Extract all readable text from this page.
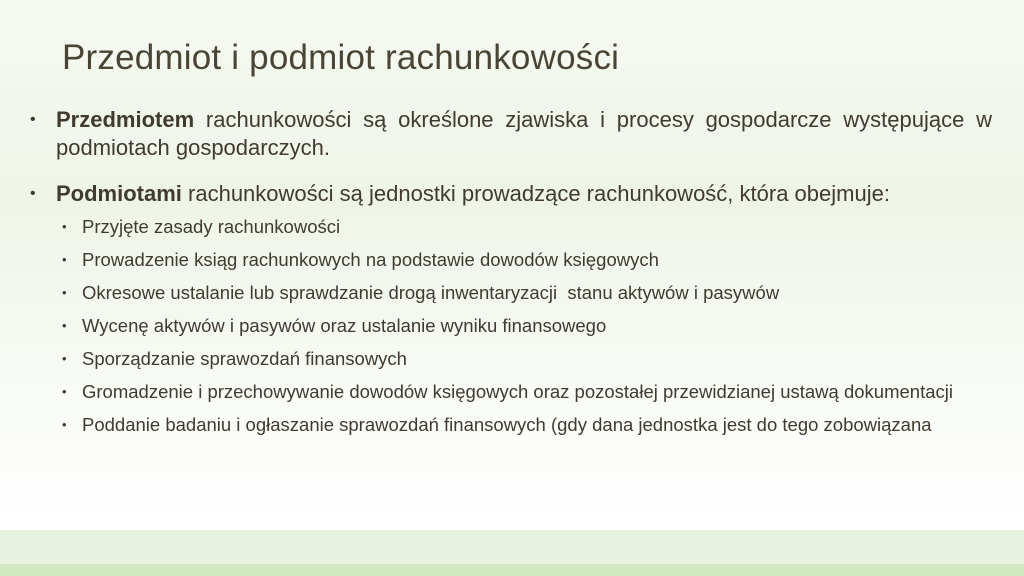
Przedmiot i podmiot rachunkowości
• Przedmiotem rachunkowości są określone zjawiska i procesy gospodarcze występujące w podmiotach gospodarczych.
• Podmiotami rachunkowości są jednostki prowadzące rachunkowość, która obejmuje:
• Przyjęte zasady rachunkowości
• Prowadzenie ksiąg rachunkowych na podstawie dowodów księgowych
• Okresowe ustalanie lub sprawdzanie drogą inwentaryzacji  stanu aktywów i pasywów
• Wycenę aktywów i pasywów oraz ustalanie wyniku finansowego
• Sporządzanie sprawozdań finansowych
• Gromadzenie i przechowywanie dowodów księgowych oraz pozostałej przewidzianej ustawą dokumentacji
• Poddanie badaniu i ogłaszanie sprawozdań finansowych (gdy dana jednostka jest do tego zobowiązana
